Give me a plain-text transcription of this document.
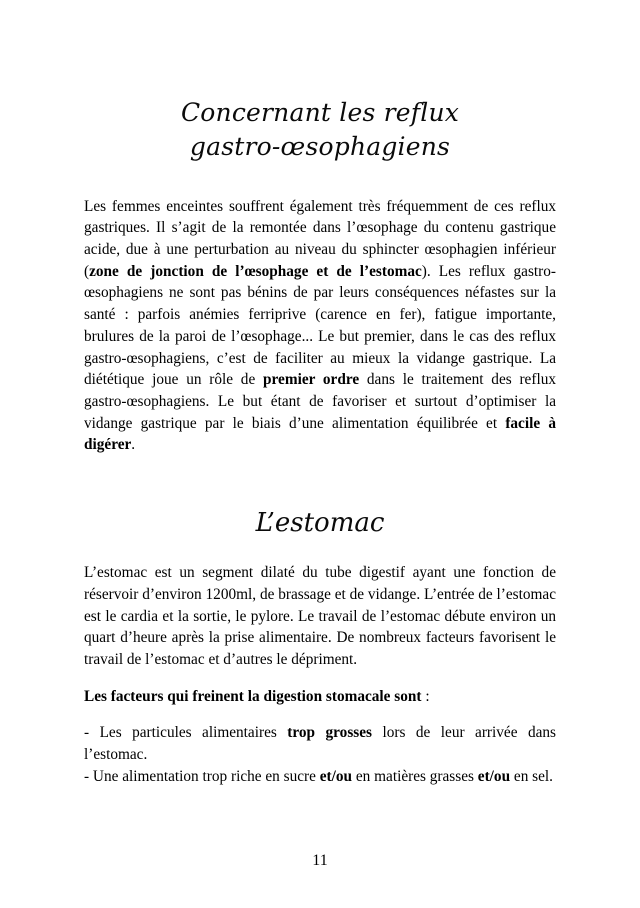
Concernant les reflux
gastro-œsophagiens

Les femmes enceintes souffrent également très fréquemment de ces reflux gastriques. Il s’agit de la remontée dans l’œsophage du contenu gastrique acide, due à une perturbation au niveau du sphincter œsophagien inférieur (zone de jonction de l’œsophage et de l’estomac). Les reflux gastro-œsophagiens ne sont pas bénins de par leurs conséquences néfastes sur la santé : parfois anémies ferriprive (carence en fer), fatigue importante, brulures de la paroi de l’œsophage... Le but premier, dans le cas des reflux gastro-œsophagiens, c’est de faciliter au mieux la vidange gastrique. La diététique joue un rôle de premier ordre dans le traitement des reflux gastro-œsophagiens. Le but étant de favoriser et surtout d’optimiser la vidange gastrique par le biais d’une alimentation équilibrée et facile à digérer.

L’estomac

L’estomac est un segment dilaté du tube digestif ayant une fonction de réservoir d’environ 1200ml, de brassage et de vidange. L’entrée de l’estomac est le cardia et la sortie, le pylore. Le travail de l’estomac débute environ un quart d’heure après la prise alimentaire. De nombreux facteurs favorisent le travail de l’estomac et d’autres le dépriment.

Les facteurs qui freinent la digestion stomacale sont :

- Les particules alimentaires trop grosses lors de leur arrivée dans l’estomac.
- Une alimentation trop riche en sucre et/ou en matières grasses et/ou en sel.

11
